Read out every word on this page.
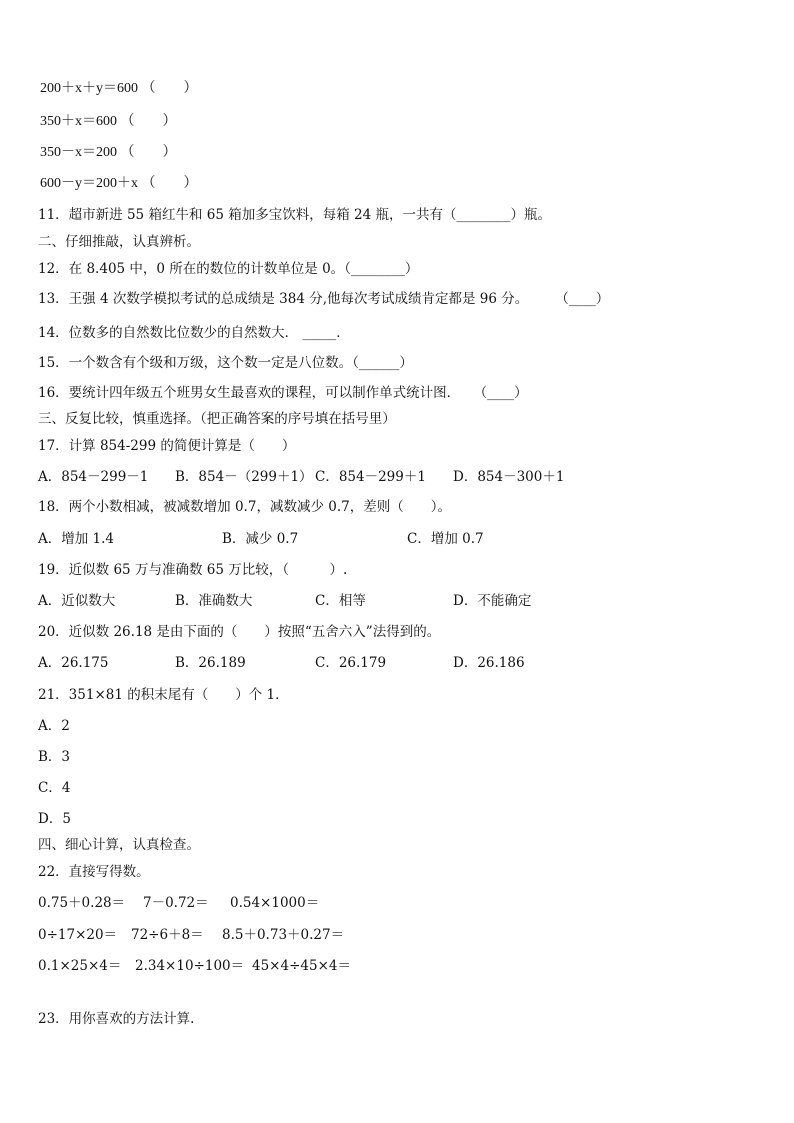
200＋x＋y＝600 （　　）
350＋x＝600 （　　）
350－x＝200 （　　）
600－y＝200＋x （　　）
11．超市新进 55 箱红牛和 65 箱加多宝饮料，每箱 24 瓶，一共有（________）瓶。
二、仔细推敲，认真辨析。
12．在 8.405 中，0 所在的数位的计数单位是 0。（________）
13．王强 4 次数学模拟考试的总成绩是 384 分,他每次考试成绩肯定都是 96 分。　　　（____）
14．位数多的自然数比位数少的自然数大． _____．
15．一个数含有个级和万级，这个数一定是八位数。（______）
16．要统计四年级五个班男女生最喜欢的课程，可以制作单式统计图．　　（____）
三、反复比较，慎重选择。（把正确答案的序号填在括号里）
17．计算 854-299 的简便计算是（　　）
A．854－299－1 B．854－（299＋1） C．854－299＋1 D．854－300＋1
18．两个小数相减，被减数增加 0.7，减数减少 0.7，差则（　　）。
A．增加 1.4	B．减少 0.7	C．增加 0.7
19．近似数 65 万与准确数 65 万比较，（　　　）.
A．近似数大	B．准确数大	C．相等	D．不能确定
20．近似数 26.18 是由下面的（　　）按照“五舍六入”法得到的。
A．26.175	B．26.189	C．26.179	D．26.186
21．351×81 的积末尾有（　　）个 1．
A．2
B．3
C．4
D．5
四、细心计算，认真检查。
22．直接写得数。
0.75＋0.28＝ 7－0.72＝ 0.54×1000＝
0÷17×20＝ 72÷6＋8＝ 8.5＋0.73＋0.27＝
0.1×25×4＝ 2.34×10÷100＝ 45×4÷45×4＝
23．用你喜欢的方法计算.
